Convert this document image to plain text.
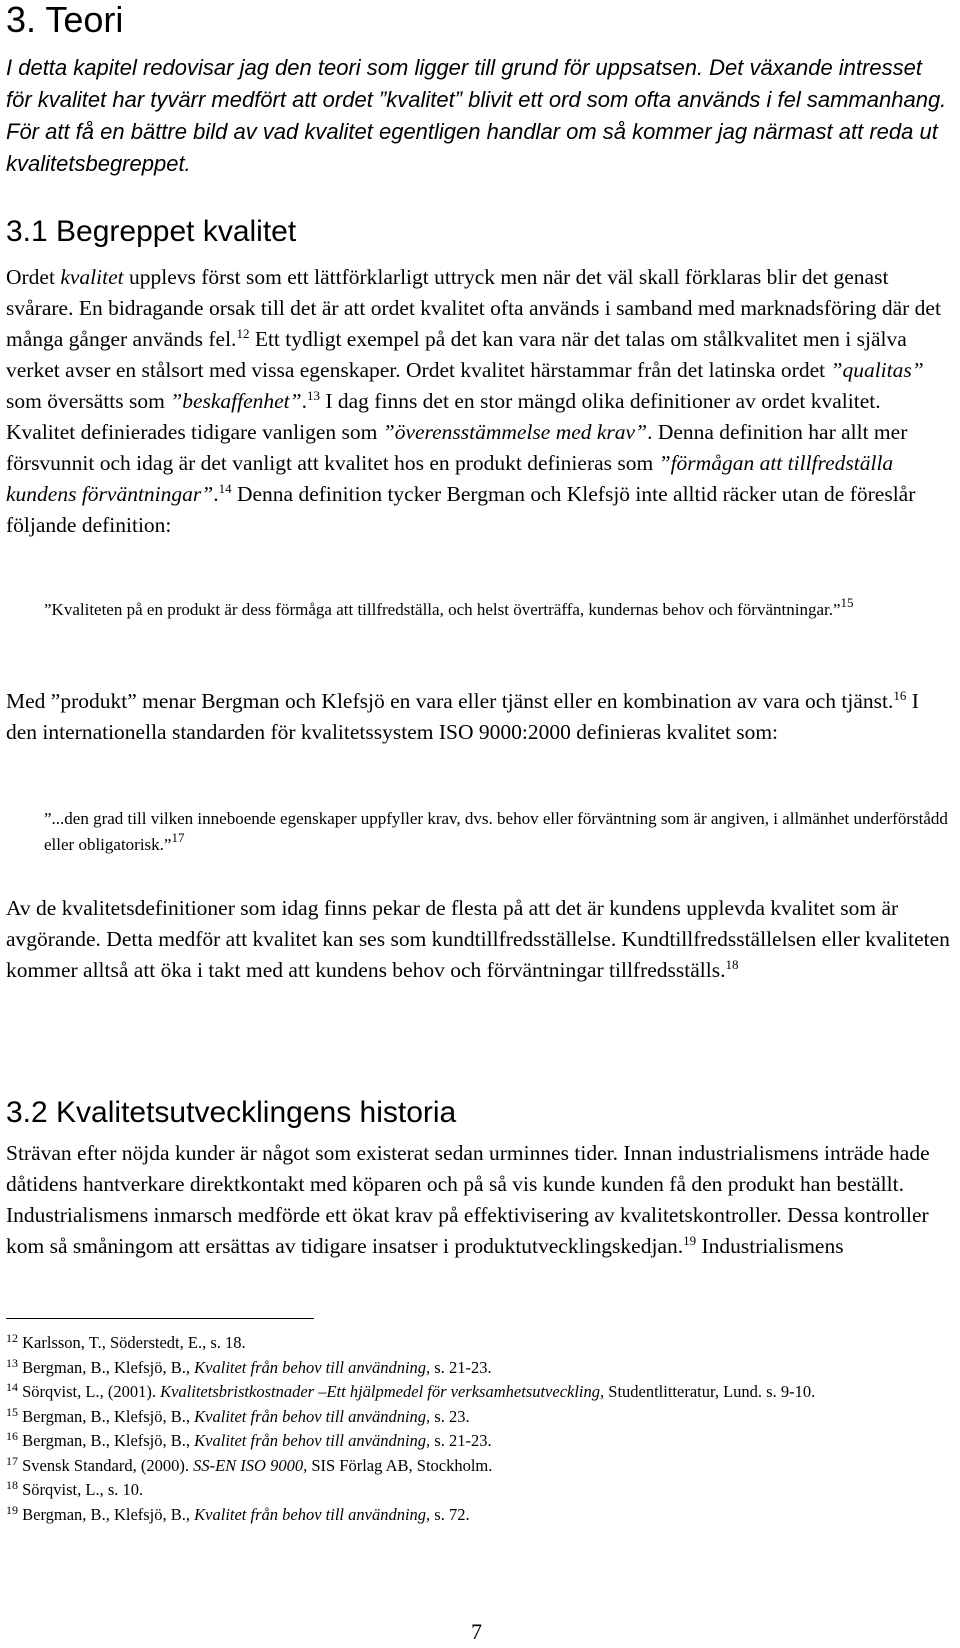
3. Teori

I detta kapitel redovisar jag den teori som ligger till grund för uppsatsen. Det växande intresset för kvalitet har tyvärr medfört att ordet ”kvalitet” blivit ett ord som ofta används i fel sammanhang. För att få en bättre bild av vad kvalitet egentligen handlar om så kommer jag närmast att reda ut kvalitetsbegreppet.

3.1 Begreppet kvalitet

Ordet kvalitet upplevs först som ett lättförklarligt uttryck men när det väl skall förklaras blir det genast svårare. En bidragande orsak till det är att ordet kvalitet ofta används i samband med marknadsföring där det många gånger används fel.$^{12}$ Ett tydligt exempel på det kan vara när det talas om stålkvalitet men i själva verket avser en stålsort med vissa egenskaper. Ordet kvalitet härstammar från det latinska ordet ”qualitas” som översätts som ”beskaffenhet”.$^{13}$ I dag finns det en stor mängd olika definitioner av ordet kvalitet. Kvalitet definierades tidigare vanligen som ”överensstämmelse med krav”. Denna definition har allt mer försvunnit och idag är det vanligt att kvalitet hos en produkt definieras som ”förmågan att tillfredställa kundens förväntningar”.$^{14}$ Denna definition tycker Bergman och Klefsjö inte alltid räcker utan de föreslår följande definition:

”Kvaliteten på en produkt är dess förmåga att tillfredställa, och helst överträffa, kundernas behov och förväntningar.”$^{15}$

Med ”produkt” menar Bergman och Klefsjö en vara eller tjänst eller en kombination av vara och tjänst.$^{16}$ I den internationella standarden för kvalitetssystem ISO 9000:2000 definieras kvalitet som:

”...den grad till vilken inneboende egenskaper uppfyller krav, dvs. behov eller förväntning som är angiven, i allmänhet underförstådd eller obligatorisk.”$^{17}$

Av de kvalitetsdefinitioner som idag finns pekar de flesta på att det är kundens upplevda kvalitet som är avgörande. Detta medför att kvalitet kan ses som kundtillfredsställelse. Kundtillfredsställelsen eller kvaliteten kommer alltså att öka i takt med att kundens behov och förväntningar tillfredsställs.$^{18}$

3.2 Kvalitetsutvecklingens historia

Strävan efter nöjda kunder är något som existerat sedan urminnes tider. Innan industrialismens inträde hade dåtidens hantverkare direktkontakt med köparen och på så vis kunde kunden få den produkt han beställt. Industrialismens inmarsch medförde ett ökat krav på effektivisering av kvalitetskontroller. Dessa kontroller kom så småningom att ersättas av tidigare insatser i produktutvecklingskedjan.$^{19}$ Industrialismens

$^{12}$ Karlsson, T., Söderstedt, E., s. 18.

$^{13}$ Bergman, B., Klefsjö, B., Kvalitet från behov till användning, s. 21-23.

$^{14}$ Sörqvist, L., (2001). Kvalitetsbristkostnader –Ett hjälpmedel för verksamhetsutveckling, Studentlitteratur, Lund. s. 9-10.

$^{15}$ Bergman, B., Klefsjö, B., Kvalitet från behov till användning, s. 23.

$^{16}$ Bergman, B., Klefsjö, B., Kvalitet från behov till användning, s. 21-23.

$^{17}$ Svensk Standard, (2000). SS-EN ISO 9000, SIS Förlag AB, Stockholm.

$^{18}$ Sörqvist, L., s. 10.

$^{19}$ Bergman, B., Klefsjö, B., Kvalitet från behov till användning, s. 72.

7
